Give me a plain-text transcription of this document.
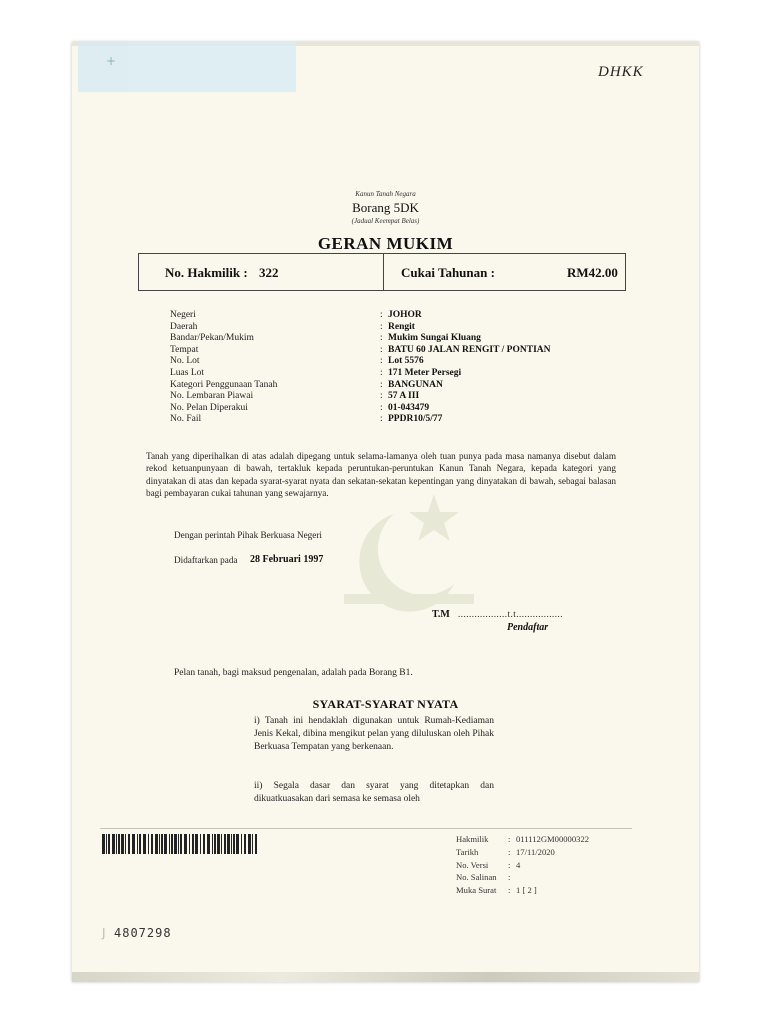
+
DHKK
Kanun Tanah Negara
Borang 5DK
(Jadual Keempat Belas)
GERAN MUKIM
No. Hakmilik : 322	Cukai Tahunan :	RM42.00
Negeri	: JOHOR
Daerah	: Rengit
Bandar/Pekan/Mukim	: Mukim Sungai Kluang
Tempat	: BATU 60 JALAN RENGIT / PONTIAN
No. Lot	: Lot 5576
Luas Lot	: 171 Meter Persegi
Kategori Penggunaan Tanah	: BANGUNAN
No. Lembaran Piawai	: 57 A III
No. Pelan Diperakui	: 01-043479
No. Fail	: PPDR10/5/77
Tanah yang diperihalkan di atas adalah dipegang untuk selama-lamanya oleh tuan punya pada masa namanya disebut dalam rekod ketuanpunyaan di bawah, tertakluk kepada peruntukan-peruntukan Kanun Tanah Negara, kepada kategori yang dinyatakan di atas dan kepada syarat-syarat nyata dan sekatan-sekatan kepentingan yang dinyatakan di bawah, sebagai balasan bagi pembayaran cukai tahunan yang sewajarnya.
Dengan perintah Pihak Berkuasa Negeri
Didaftarkan pada 28 Februari 1997
T.M ..................t.t.................
Pendaftar
Pelan tanah, bagi maksud pengenalan, adalah pada Borang B1.
SYARAT-SYARAT NYATA
i) Tanah ini hendaklah digunakan untuk Rumah-Kediaman Jenis Kekal, dibina mengikut pelan yang diluluskan oleh Pihak Berkuasa Tempatan yang berkenaan.
ii) Segala dasar dan syarat yang ditetapkan dan dikuatkuasakan dari semasa ke semasa oleh
Hakmilik : 011112GM00000322
Tarikh	: 17/11/2020
No. Versi : 4
No. Salinan :
Muka Surat : 1 [ 2 ]
J 4807298
